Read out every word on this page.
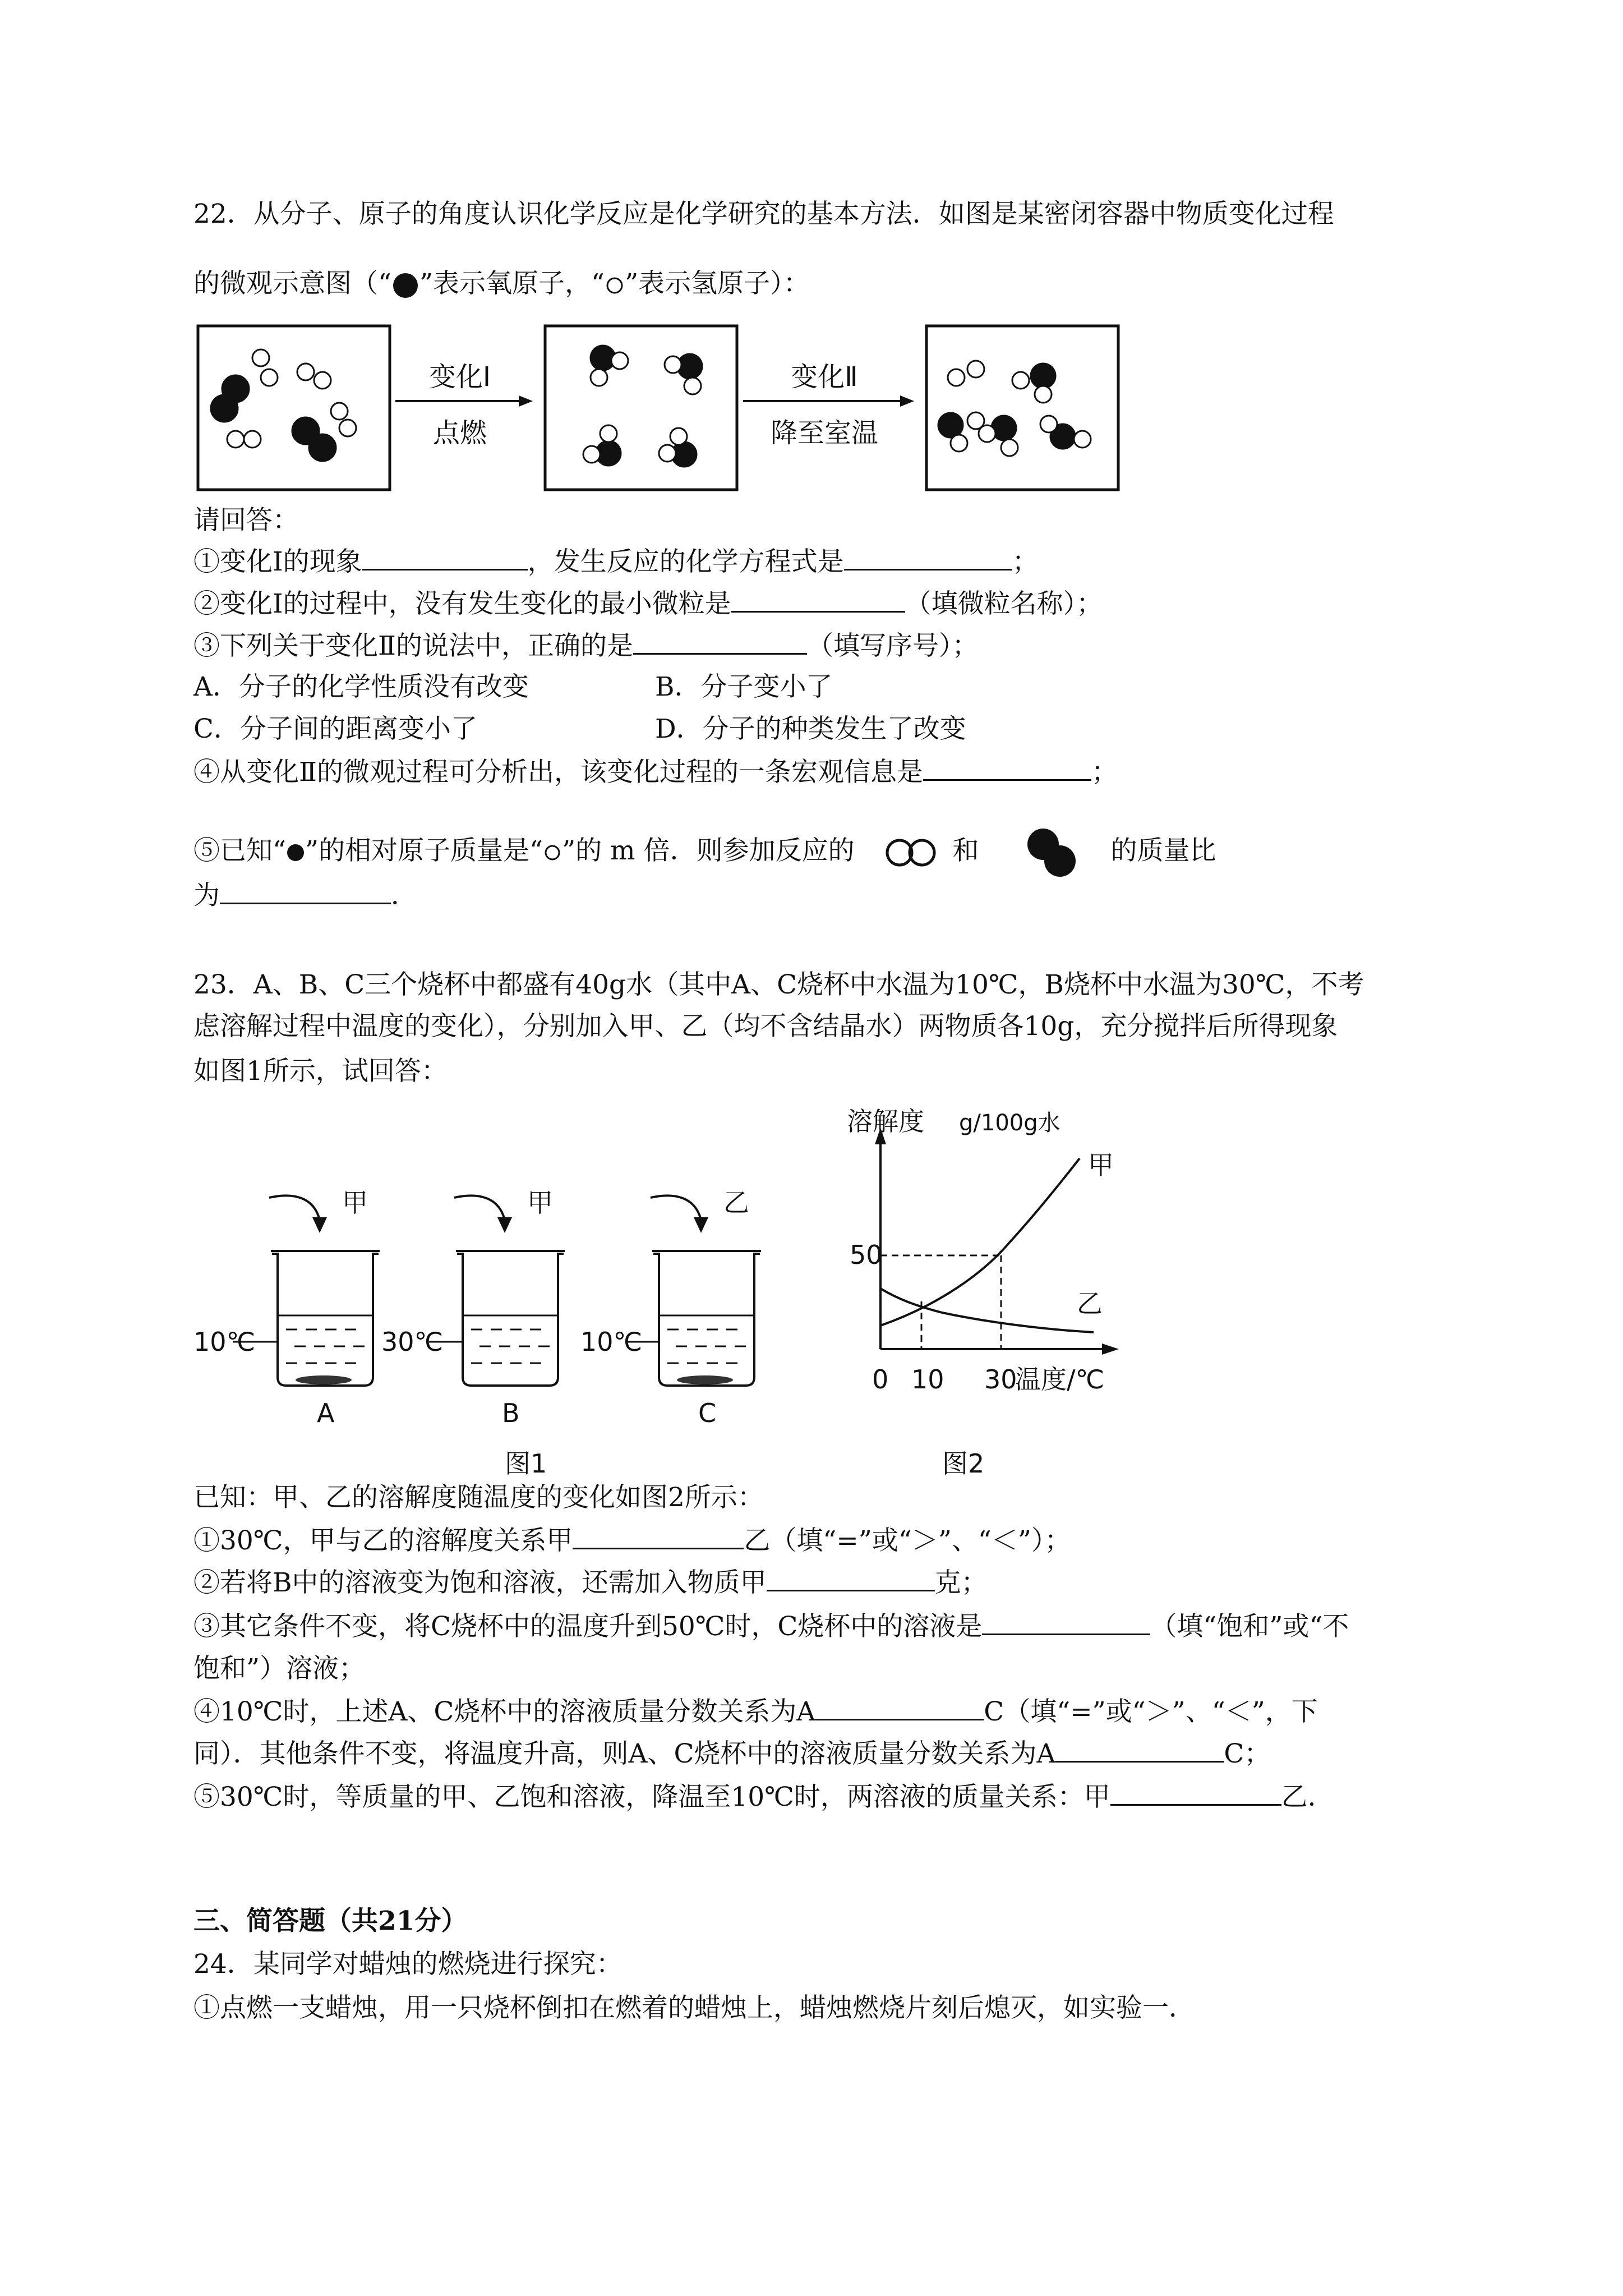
22．从分子、原子的角度认识化学反应是化学研究的基本方法．如图是某密闭容器中物质变化过程
的微观示意图（“ ”表示氧原子，“ ”表示氢原子）：
变化Ⅰ
点燃
变化Ⅱ
降至室温
请回答：
①变化Ⅰ的现象	，发生反应的化学方程式是	；
②变化Ⅰ的过程中，没有发生变化的最小微粒是	（填微粒名称）；
③下列关于变化Ⅱ的说法中，正确的是	（填写序号）；
A．分子的化学性质没有改变	B．分子变小了
C．分子间的距离变小了	D．分子的种类发生了改变
④从变化Ⅱ的微观过程可分析出，该变化过程的一条宏观信息是	；
⑤已知“ ”的相对原子质量是“ ”的 m 倍．则参加反应的	和	的质量比
为	．
23．A、B、C三个烧杯中都盛有40g水（其中A、C烧杯中水温为10℃，B烧杯中水温为30℃，不考
虑溶解过程中温度的变化），分别加入甲、乙（均不含结晶水）两物质各10g，充分搅拌后所得现象
如图1所示，试回答：
甲
10℃
A
甲
30℃
B
乙
10℃
C
图1
溶解度 g/100g水
50
0 10 30
温度/℃
甲
乙
图2
已知：甲、乙的溶解度随温度的变化如图2所示：
①30℃，甲与乙的溶解度关系甲	乙（填“=”或“＞”、“＜”）；
②若将B中的溶液变为饱和溶液，还需加入物质甲	克；
③其它条件不变，将C烧杯中的温度升到50℃时，C烧杯中的溶液是	（填“饱和”或“不
饱和”）溶液；
④10℃时，上述A、C烧杯中的溶液质量分数关系为A	C（填“=”或“＞”、“＜”，下
同）．其他条件不变，将温度升高，则A、C烧杯中的溶液质量分数关系为A	C；
⑤30℃时，等质量的甲、乙饱和溶液，降温至10℃时，两溶液的质量关系：甲	乙．
三、简答题（共21分）
24．某同学对蜡烛的燃烧进行探究：
①点燃一支蜡烛，用一只烧杯倒扣在燃着的蜡烛上，蜡烛燃烧片刻后熄灭，如实验一．
